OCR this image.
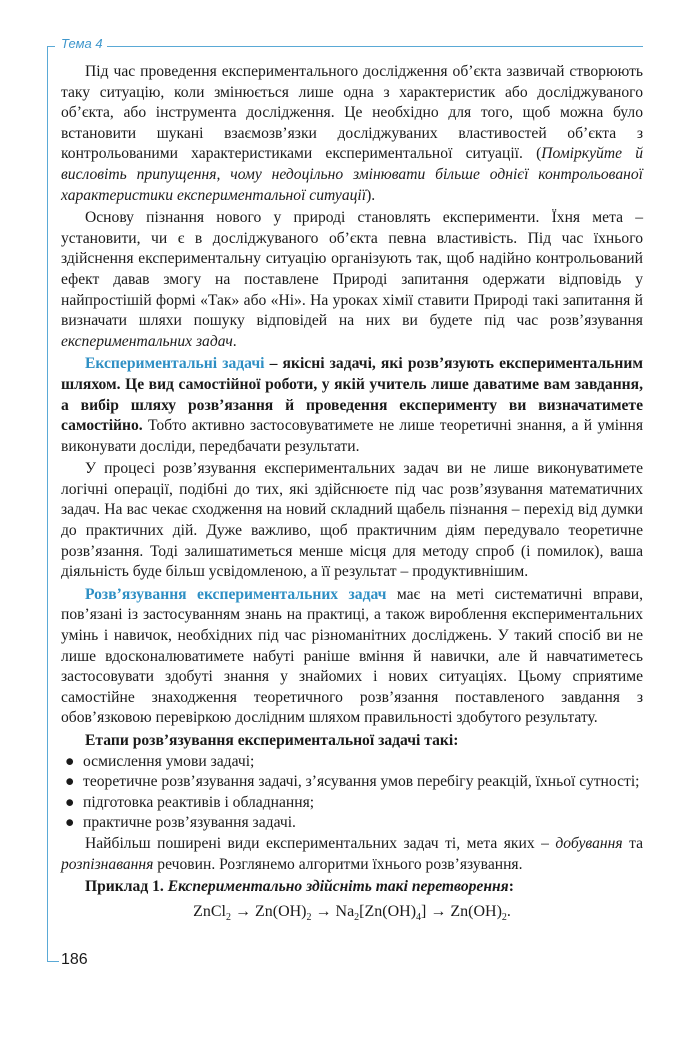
Тема 4

Під час проведення експериментального дослідження об’єкта зазвичай створюють таку ситуацію, коли змінюється лише одна з характеристик або досліджуваного об’єкта, або інструмента дослідження. Це необхідно для того, щоб можна було встановити шукані взаємозв’язки досліджуваних властивостей об’єкта з контрольованими характеристиками експериментальної ситуації. (Поміркуйте й висловіть припущення, чому недоцільно змінювати більше однієї контрольованої характеристики експериментальної ситуації).

Основу пізнання нового у природі становлять експерименти. Їхня мета – установити, чи є в досліджуваного об’єкта певна властивість. Під час їхнього здійснення експериментальну ситуацію організують так, щоб надійно контрольований ефект давав змогу на поставлене Природі запитання одержати відповідь у найпростішій формі «Так» або «Ні». На уроках хімії ставити Природі такі запитання й визначати шляхи пошуку відповідей на них ви будете під час розв’язування експериментальних задач.

Експериментальні задачі – якісні задачі, які розв’язують експериментальним шляхом. Це вид самостійної роботи, у якій учитель лише даватиме вам завдання, а вибір шляху розв’язання й проведення експерименту ви визначатимете самостійно. Тобто активно застосовуватимете не лише теоретичні знання, а й уміння виконувати досліди, передбачати результати.

У процесі розв’язування експериментальних задач ви не лише виконуватимете логічні операції, подібні до тих, які здійснюєте під час розв’язування математичних задач. На вас чекає сходження на новий складний щабель пізнання – перехід від думки до практичних дій. Дуже важливо, щоб практичним діям передувало теоретичне розв’язання. Тоді залишатиметься менше місця для методу спроб (і помилок), ваша діяльність буде більш усвідомленою, а її результат – продуктивнішим.

Розв’язування експериментальних задач має на меті систематичні вправи, пов’язані із застосуванням знань на практиці, а також вироблення експериментальних умінь і навичок, необхідних під час різноманітних досліджень. У такий спосіб ви не лише вдосконалюватимете набуті раніше вміння й навички, але й навчатиметесь застосовувати здобуті знання у знайомих і нових ситуаціях. Цьому сприятиме самостійне знаходження теоретичного розв’язання поставленого завдання з обов’язковою перевіркою дослідним шляхом правильності здобутого результату.

Етапи розв’язування експериментальної задачі такі:

● осмислення умови задачі;
● теоретичне розв’язування задачі, з’ясування умов перебігу реакцій, їхньої сутності;
● підготовка реактивів і обладнання;
● практичне розв’язування задачі.

Найбільш поширені види експериментальних задач ті, мета яких – добування та розпізнавання речовин. Розглянемо алгоритми їхнього розв’язування.

Приклад 1. Експериментально здійсніть такі перетворення:

ZnCl$_2$ → $Zn(OH)_2 \to Na_2[Zn(OH)_4] \to Zn(OH)_2$.
186
